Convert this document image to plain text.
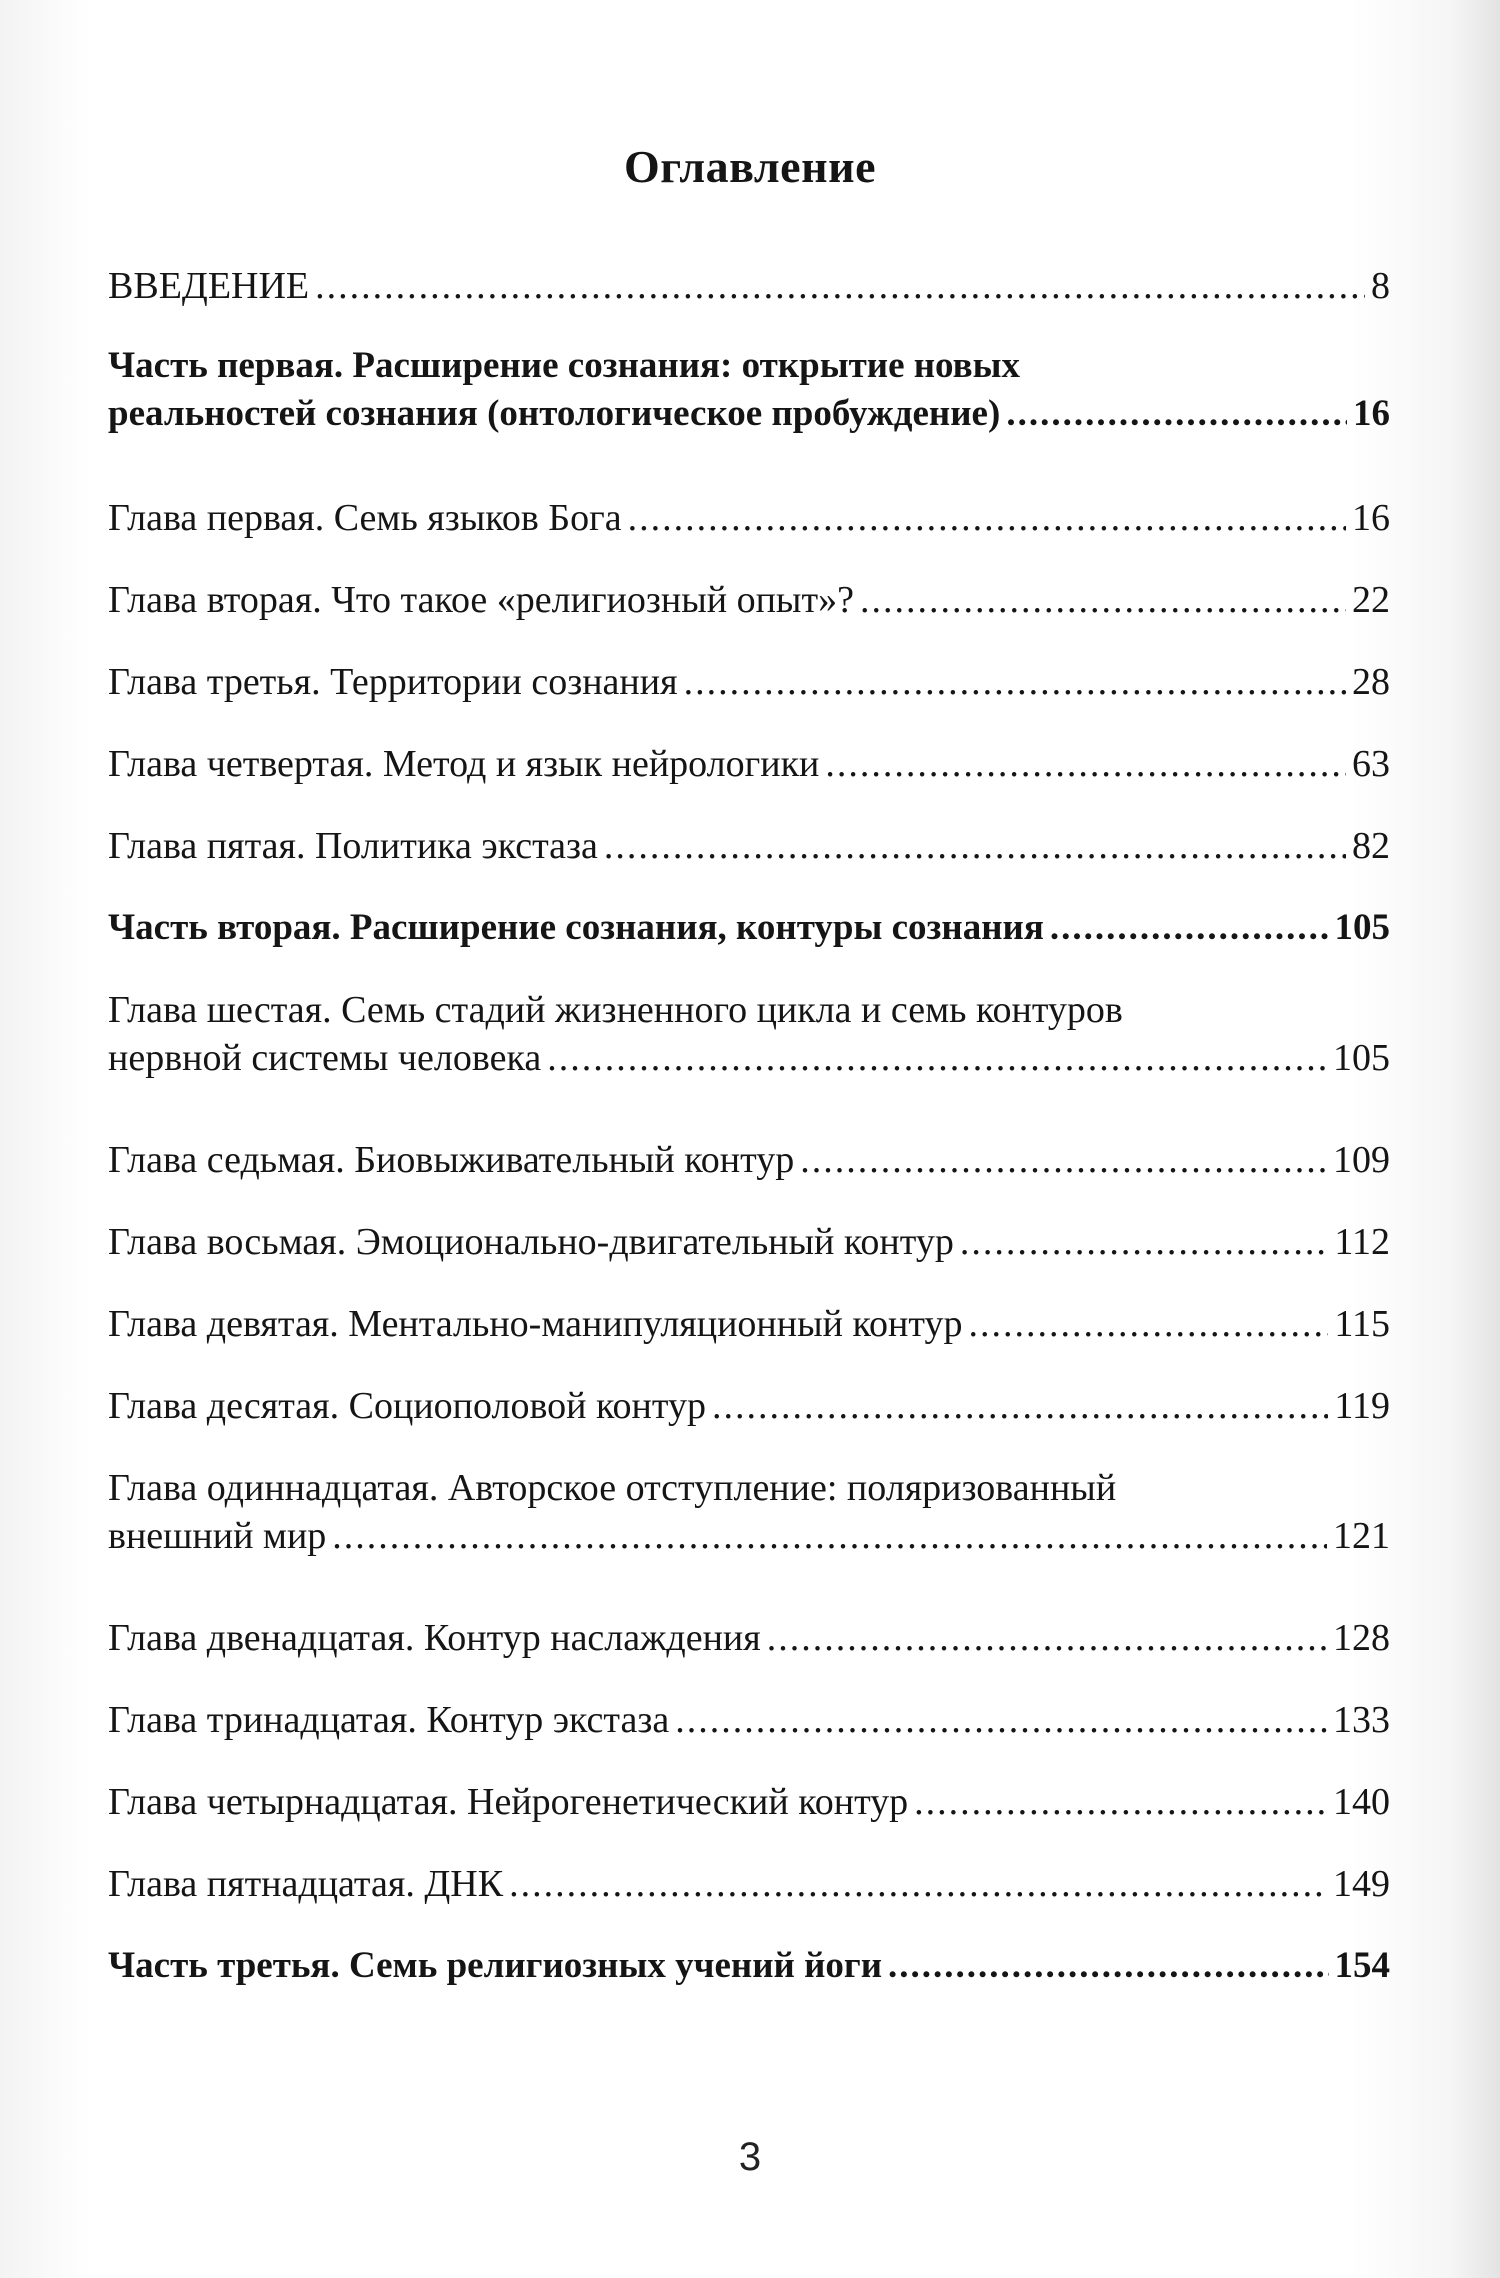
Оглавление
ВВЕДЕНИЕ .....	8
Часть первая. Расширение сознания: открытие новых
реальностей сознания (онтологическое пробуждение) .....	16
Глава первая. Семь языков Бога .....	16
Глава вторая. Что такое «религиозный опыт»? .....	22
Глава третья. Территории сознания .....	28
Глава четвертая. Метод и язык нейрологики .....	63
Глава пятая. Политика экстаза .....	82
Часть вторая. Расширение сознания, контуры сознания .....	105
Глава шестая. Семь стадий жизненного цикла и семь контуров
нервной системы человека .....	105
Глава седьмая. Биовыживательный контур .....	109
Глава восьмая. Эмоционально-двигательный контур .....	112
Глава девятая. Ментально-манипуляционный контур .....	115
Глава десятая. Социополовой контур .....	119
Глава одиннадцатая. Авторское отступление: поляризованный
внешний мир .....	121
Глава двенадцатая. Контур наслаждения .....	128
Глава тринадцатая. Контур экстаза .....	133
Глава четырнадцатая. Нейрогенетический контур .....	140
Глава пятнадцатая. ДНК .....	149
Часть третья. Семь религиозных учений йоги .....	154
3
